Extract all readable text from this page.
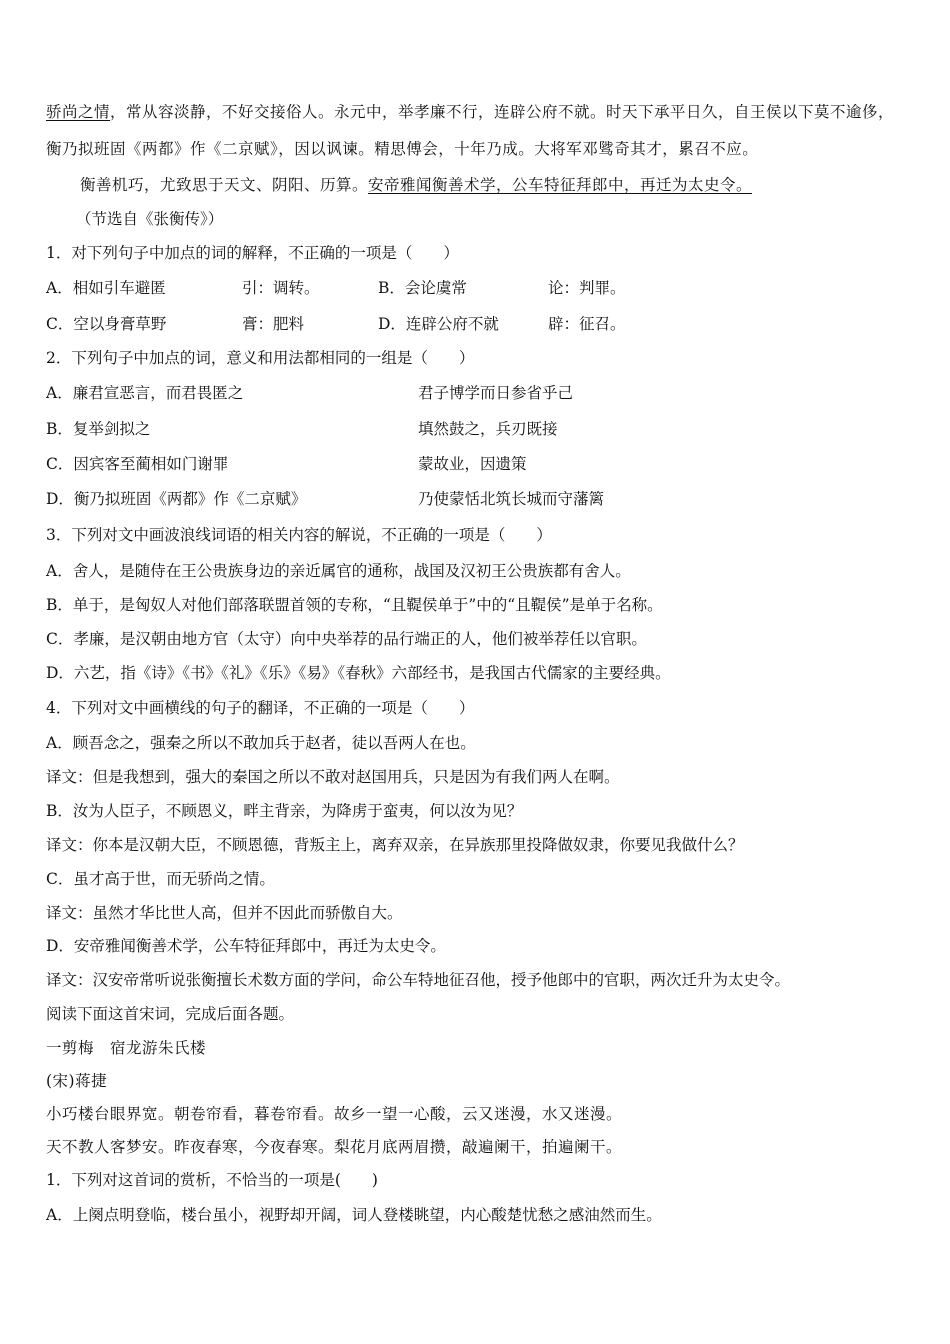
骄尚之情，常从容淡静，不好交接俗人。永元中，举孝廉不行，连辟公府不就。时天下承平日久，自王侯以下莫不逾侈，
衡乃拟班固《两都》作《二京赋》，因以讽谏。精思傅会，十年乃成。大将军邓骘奇其才，累召不应。
衡善机巧，尤致思于天文、阴阳、历算。安帝雅闻衡善术学，公车特征拜郎中，再迁为太史令。
（节选自《张衡传》）
1．对下列句子中加点的词的解释，不正确的一项是（　　）
A．相如引车避匿	引：调转。	B．会论虞常	论：判罪。
C．空以身膏草野	膏：肥料	D．连辟公府不就	辟：征召。
2．下列句子中加点的词，意义和用法都相同的一组是（　　）
A．廉君宣恶言，而君畏匿之	君子博学而日参省乎己
B．复举剑拟之	填然鼓之，兵刃既接
C．因宾客至蔺相如门谢罪	蒙故业，因遗策
D．衡乃拟班固《两都》作《二京赋》	乃使蒙恬北筑长城而守藩篱
3．下列对文中画波浪线词语的相关内容的解说，不正确的一项是（　　）
A．舍人，是随侍在王公贵族身边的亲近属官的通称，战国及汉初王公贵族都有舍人。
B．单于，是匈奴人对他们部落联盟首领的专称，“且鞮侯单于”中的“且鞮侯”是单于名称。
C．孝廉，是汉朝由地方官（太守）向中央举荐的品行端正的人，他们被举荐任以官职。
D．六艺，指《诗》《书》《礼》《乐》《易》《春秋》六部经书，是我国古代儒家的主要经典。
4．下列对文中画横线的句子的翻译，不正确的一项是（　　）
A．顾吾念之，强秦之所以不敢加兵于赵者，徒以吾两人在也。
译文：但是我想到，强大的秦国之所以不敢对赵国用兵，只是因为有我们两人在啊。
B．汝为人臣子，不顾恩义，畔主背亲，为降虏于蛮夷，何以汝为见？
译文：你本是汉朝大臣，不顾恩德，背叛主上，离弃双亲，在异族那里投降做奴隶，你要见我做什么？
C．虽才高于世，而无骄尚之情。
译文：虽然才华比世人高，但并不因此而骄傲自大。
D．安帝雅闻衡善术学，公车特征拜郎中，再迁为太史令。
译文：汉安帝常听说张衡擅长术数方面的学问，命公车特地征召他，授予他郎中的官职，两次迁升为太史令。
阅读下面这首宋词，完成后面各题。
一剪梅　宿龙游朱氏楼
(宋)蒋捷
小巧楼台眼界宽。朝卷帘看，暮卷帘看。故乡一望一心酸，云又迷漫，水又迷漫。
天不教人客梦安。昨夜春寒，今夜春寒。梨花月底两眉攒，敲遍阑干，拍遍阑干。
1．下列对这首词的赏析，不恰当的一项是(　　)
A．上阕点明登临，楼台虽小，视野却开阔，词人登楼眺望，内心酸楚忧愁之感油然而生。
